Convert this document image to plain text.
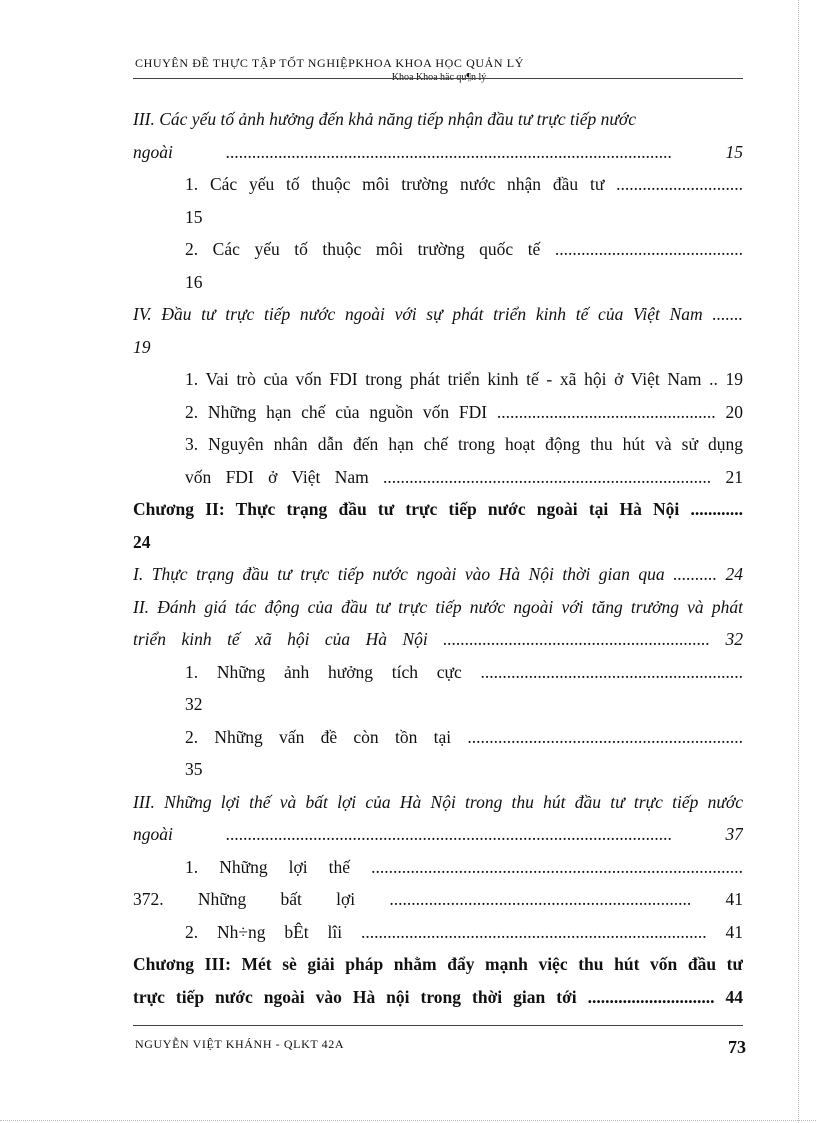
CHUYÊN ĐỀ THỰC TẬP TỐT NGHIỆPKHOA KHOA HỌC QUẢN LÝ
Khoa Khoa häc qu¶n lý
III. Các yếu tố ảnh hưởng đến khả năng tiếp nhận đầu tư trực tiếp nước
ngoài ...................................................................................................... 15
1. Các yếu tố thuộc môi trường nước nhận đầu tư .............................
15
2. Các yếu tố thuộc môi trường quốc tế ...........................................
16
IV. Đầu tư trực tiếp nước ngoài với sự phát triển kinh tế của Việt Nam .......
19
1. Vai trò của vốn FDI trong phát triển kinh tế - xã hội ở Việt Nam .. 19
2. Những hạn chế của nguồn vốn FDI .................................................. 20
3. Nguyên nhân dẫn đến hạn chế trong hoạt động thu hút và sử dụng
vốn FDI ở Việt Nam ........................................................................... 21
Chương II: Thực trạng đầu tư trực tiếp nước ngoài tại Hà Nội ............
24
I. Thực trạng đầu tư trực tiếp nước ngoài vào Hà Nội thời gian qua .......... 24
II. Đánh giá tác động của đầu tư trực tiếp nước ngoài với tăng trưởng và phát
triển kinh tế xã hội của Hà Nội ............................................................. 32
1. Những ảnh hưởng tích cực ............................................................
32
2. Những vấn đề còn tồn tại ...............................................................
35
III. Những lợi thế và bất lợi của Hà Nội trong thu hút đầu tư trực tiếp nước
ngoài ...................................................................................................... 37
1. Những lợi thế .....................................................................................
372. Những bất lợi ..................................................................... 41
2. Nh÷ng bÊt lîi ............................................................................... 41
Chương III: Mét sè giải pháp nhằm đẩy mạnh việc thu hút vốn đầu tư
trực tiếp nước ngoài vào Hà nội trong thời gian tới ............................. 44
NGUYỄN VIỆT KHÁNH - QLKT 42A	73
